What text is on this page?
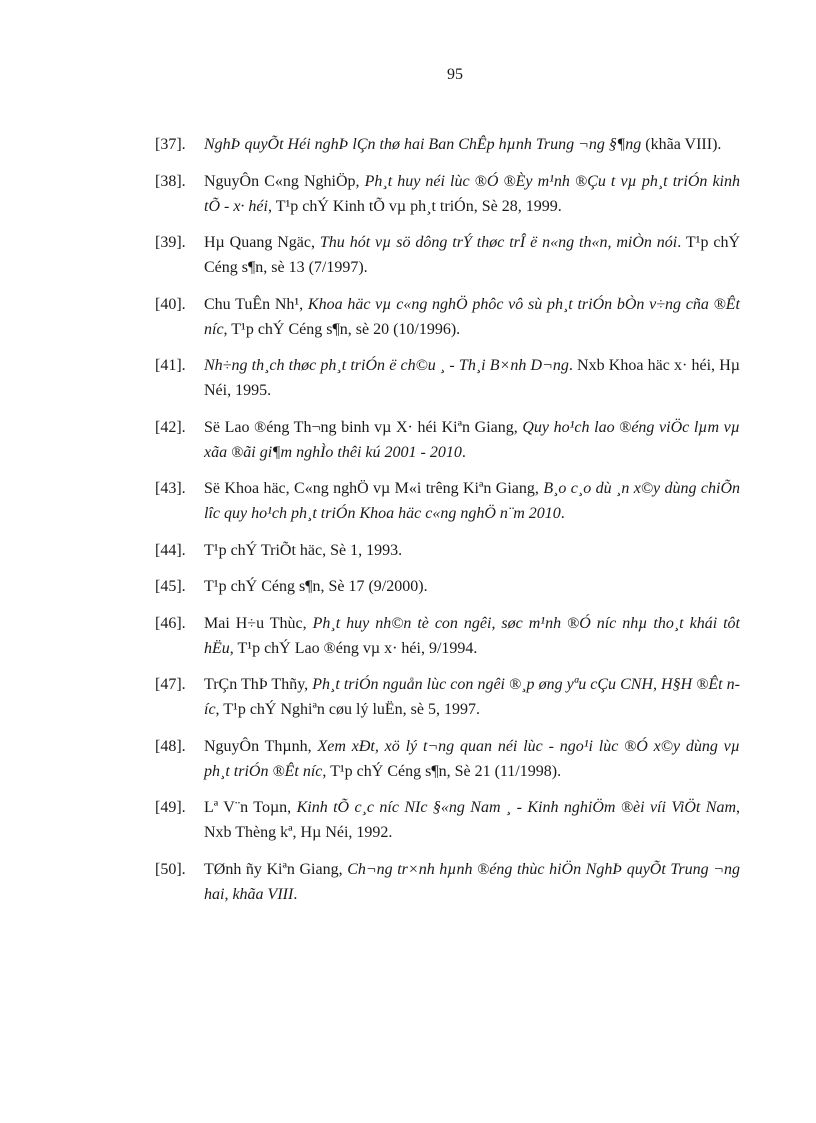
95
[37]. NghÞ quyÕt Héi nghÞ lÇn thø hai Ban ChÊp hµnh Trung ¬ng §¶ng (khãa VIII).
[38]. NguyÔn C«ng NghiÖp, Ph¸t huy néi lùc ®Ó ®Èy m¹nh ®Çu t vµ ph¸t triÓn kinh tÕ - x· héi, T¹p chÝ Kinh tÕ vµ ph¸t triÓn, Sè 28, 1999.
[39]. Hµ Quang Ngäc, Thu hót vµ sö dông trÝ thøc trÎ ë n«ng th«n, miÒn nói. T¹p chÝ Céng s¶n, sè 13 (7/1997).
[40]. Chu TuÊn Nh¹, Khoa häc vµ c«ng nghÖ phôc vô sù ph¸t triÓn bÒn v÷ng cña ®Êt níc, T¹p chÝ Céng s¶n, sè 20 (10/1996).
[41]. Nh÷ng th¸ch thøc ph¸t triÓn ë ch©u ¸ - Th¸i B×nh D¬ng. Nxb Khoa häc x· héi, Hµ Néi, 1995.
[42]. Së Lao ®éng Th¬ng binh vµ X· héi Kiªn Giang, Quy ho¹ch lao ®éng viÖc lµm vµ xãa ®ãi gi¶m nghÌo thêi kú 2001 - 2010.
[43]. Së Khoa häc, C«ng nghÖ vµ M«i trêng Kiªn Giang, B¸o c¸o dù ¸n x©y dùng chiÕn lîc quy ho¹ch ph¸t triÓn Khoa häc c«ng nghÖ n¨m 2010.
[44]. T¹p chÝ TriÕt häc, Sè 1, 1993.
[45]. T¹p chÝ Céng s¶n, Sè 17 (9/2000).
[46]. Mai H÷u Thùc, Ph¸t huy nh©n tè con ngêi, søc m¹nh ®Ó níc nhµ tho¸t khái tôt hËu, T¹p chÝ Lao ®éng vµ x· héi, 9/1994.
[47]. TrÇn ThÞ Thñy, Ph¸t triÓn nguån lùc con ngêi ®¸p øng yªu cÇu CNH, H§H ®Êt níc, T¹p chÝ Nghiªn cøu lý luËn, sè 5, 1997.
[48]. NguyÔn Thµnh, Xem xÐt, xö lý t¬ng quan néi lùc - ngo¹i lùc ®Ó x©y dùng vµ ph¸t triÓn ®Êt níc, T¹p chÝ Céng s¶n, Sè 21 (11/1998).
[49]. Lª V¨n Toµn, Kinh tÕ c¸c níc NIc §«ng Nam ¸ - Kinh nghiÖm ®èi víi ViÖt Nam, Nxb Thèng kª, Hµ Néi, 1992.
[50]. TØnh ñy Kiªn Giang, Ch¬ng tr×nh hµnh ®éng thùc hiÖn NghÞ quyÕt Trung ¬ng hai, khãa VIII.
